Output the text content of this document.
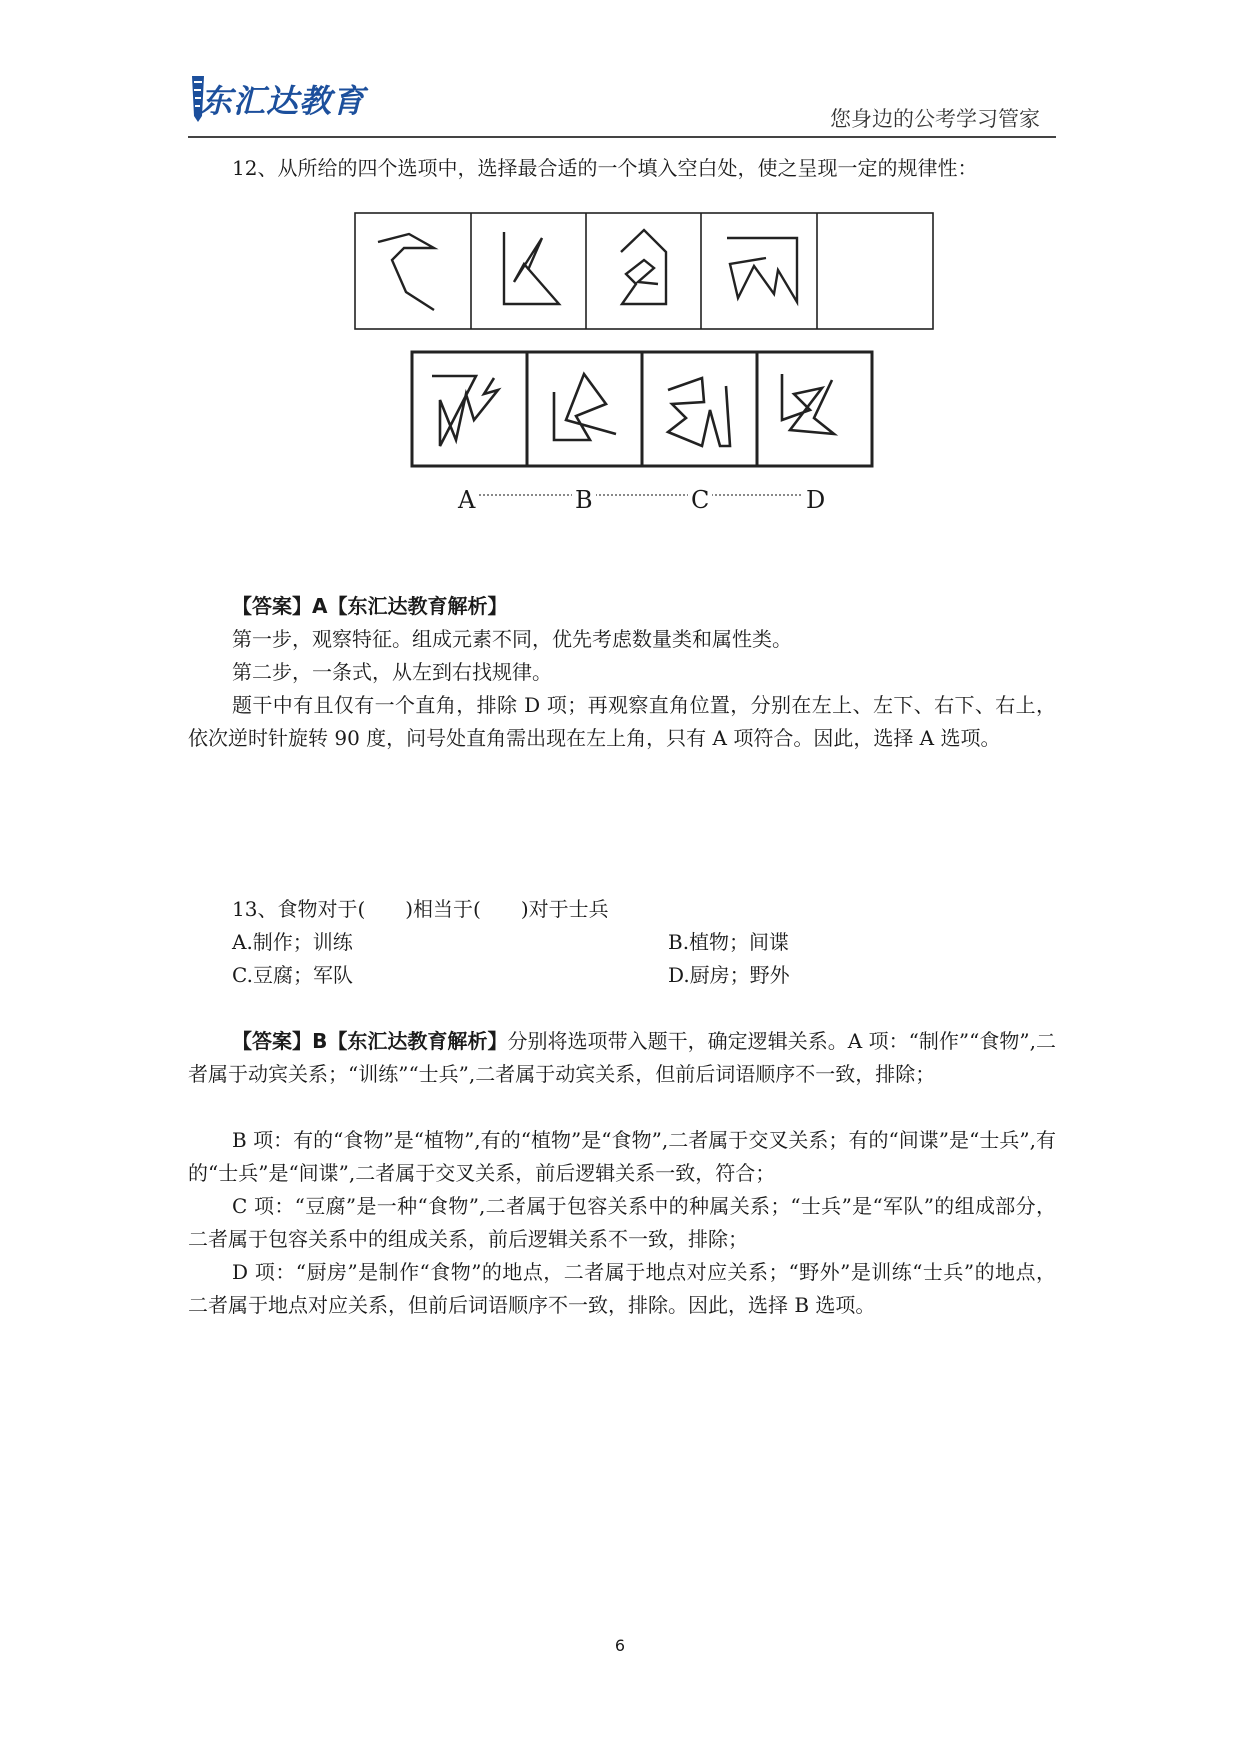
东汇达教育	您身边的公考学习管家
12、从所给的四个选项中，选择最合适的一个填入空白处，使之呈现一定的规律性：
A	B	C	D
【答案】A【东汇达教育解析】
第一步，观察特征。组成元素不同，优先考虑数量类和属性类。
第二步，一条式，从左到右找规律。
题干中有且仅有一个直角，排除 D 项；再观察直角位置，分别在左上、左下、右下、右上，依次逆时针旋转 90 度，问号处直角需出现在左上角，只有 A 项符合。因此，选择 A 选项。
13、食物对于(　　)相当于(　　)对于士兵
A.制作；训练	B.植物；间谍
C.豆腐；军队	D.厨房；野外
【答案】B【东汇达教育解析】分别将选项带入题干，确定逻辑关系。A 项：“制作”“食物”,二者属于动宾关系；“训练”“士兵”,二者属于动宾关系，但前后词语顺序不一致，排除；
B 项：有的“食物”是“植物”,有的“植物”是“食物”,二者属于交叉关系；有的“间谍”是“士兵”,有的“士兵”是“间谍”,二者属于交叉关系，前后逻辑关系一致，符合；
C 项：“豆腐”是一种“食物”,二者属于包容关系中的种属关系；“士兵”是“军队”的组成部分，二者属于包容关系中的组成关系，前后逻辑关系不一致，排除；
D 项：“厨房”是制作“食物”的地点，二者属于地点对应关系；“野外”是训练“士兵”的地点，二者属于地点对应关系，但前后词语顺序不一致，排除。因此，选择 B 选项。
6
